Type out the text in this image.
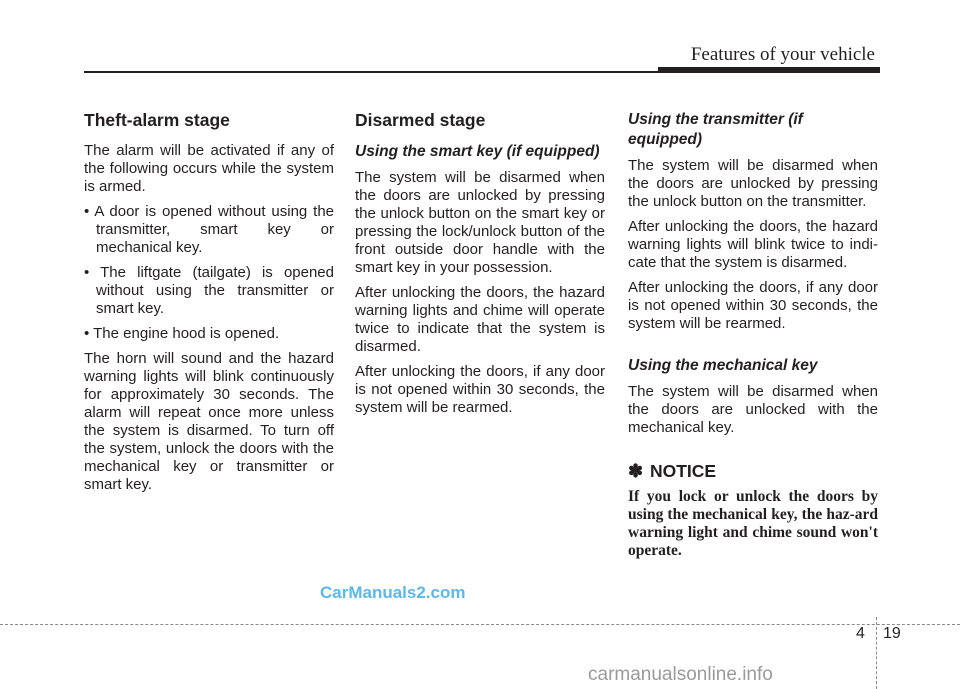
Features of your vehicle
Theft-alarm stage

The alarm will be activated if any of the following occurs while the system is armed.

• A door is opened without using the transmitter, smart key or mechanical key.

• The liftgate (tailgate) is opened without using the transmitter or smart key.

• The engine hood is opened.

The horn will sound and the hazard warning lights will blink continuously for approximately 30 seconds. The alarm will repeat once more unless the system is disarmed. To turn off the system, unlock the doors with the mechanical key or transmitter or smart key.

Disarmed stage
Using the smart key (if equipped)

The system will be disarmed when the doors are unlocked by pressing the unlock button on the smart key or pressing the lock/unlock button of the front outside door handle with the smart key in your possession.

After unlocking the doors, the hazard warning lights and chime will operate twice to indicate that the system is disarmed.

After unlocking the doors, if any door is not opened within 30 seconds, the system will be rearmed.

Using the transmitter (if equipped)

The system will be disarmed when the doors are unlocked by pressing the unlock button on the transmitter.

After unlocking the doors, the hazard warning lights will blink twice to indi-cate that the system is disarmed.

After unlocking the doors, if any door is not opened within 30 seconds, the system will be rearmed.

Using the mechanical key

The system will be disarmed when the doors are unlocked with the mechanical key.

✽ NOTICE

If you lock or unlock the doors by using the mechanical key, the haz-ard warning light and chime sound won't operate.

CarManuals2.com
4 19
carmanualsonline.info
